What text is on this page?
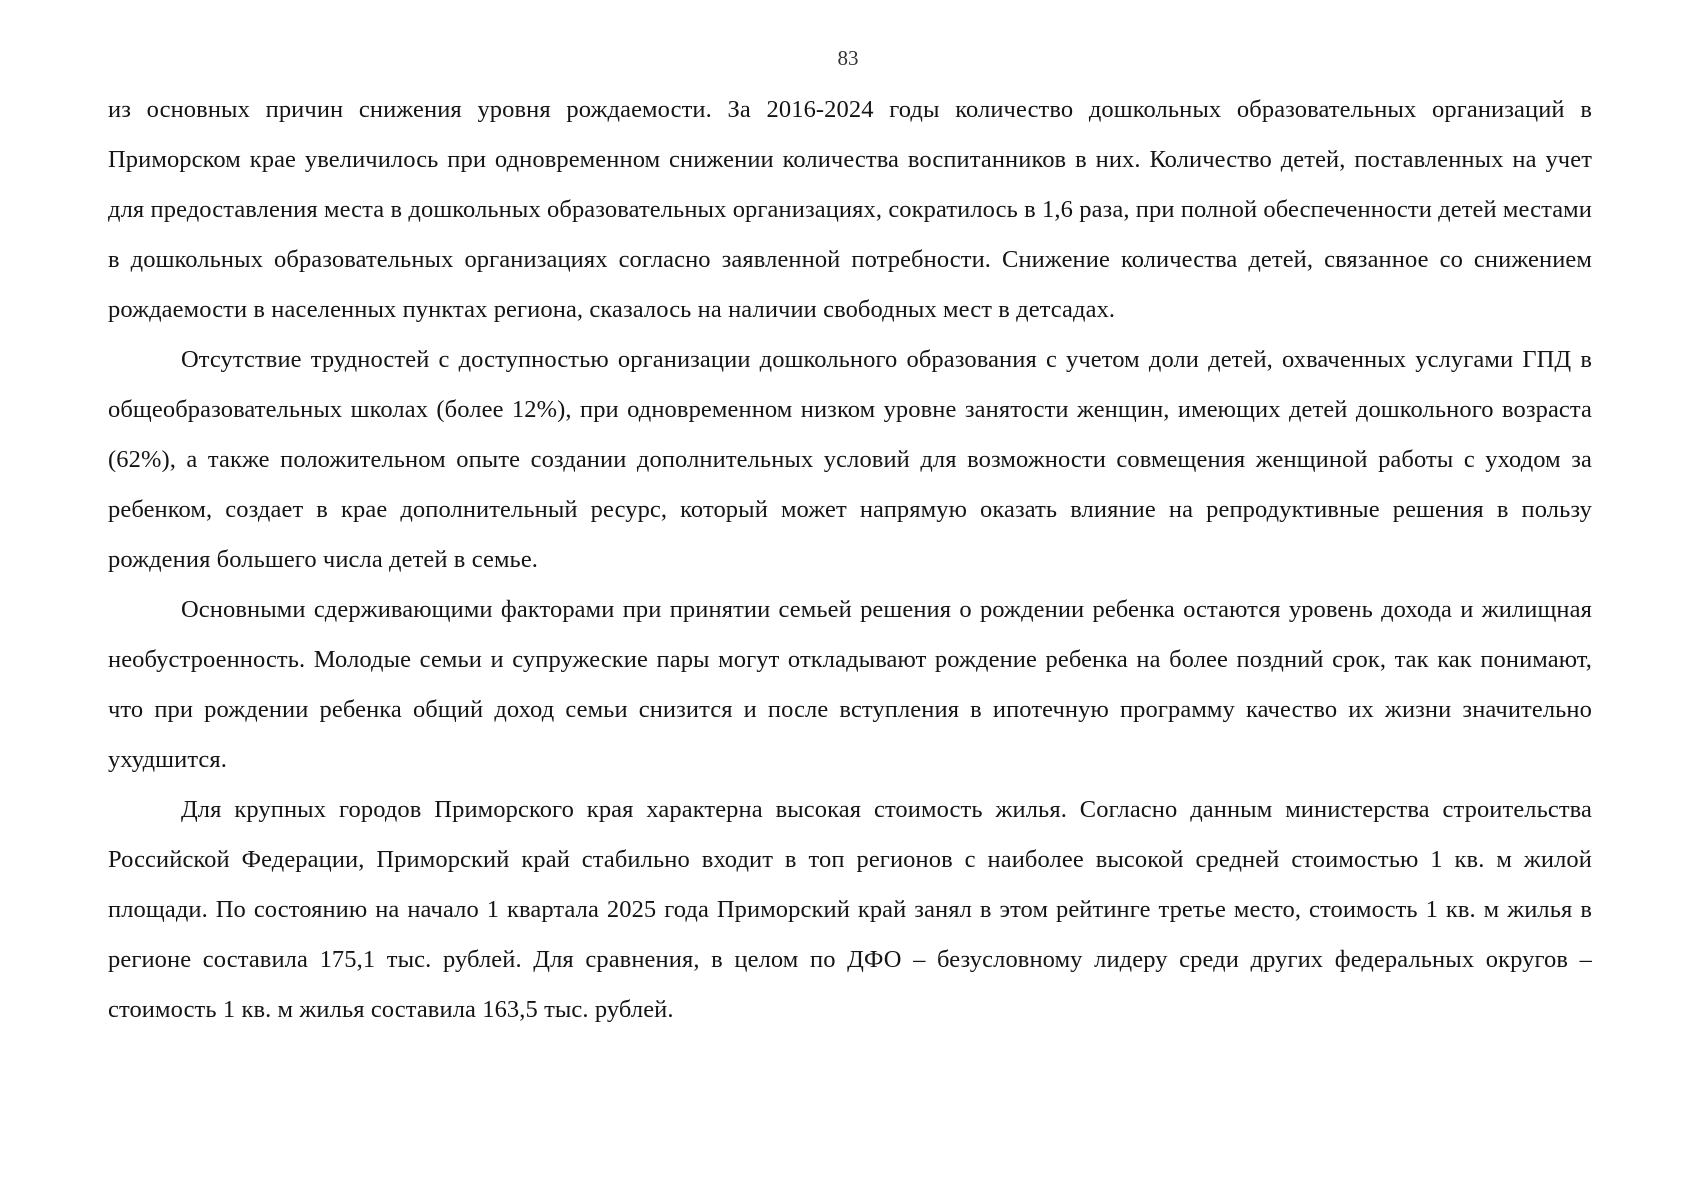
83

из основных причин снижения уровня рождаемости. За 2016-2024 годы количество дошкольных образовательных организаций в Приморском крае увеличилось при одновременном снижении количества воспитанников в них. Количество детей, поставленных на учет для предоставления места в дошкольных образовательных организациях, сократилось в 1,6 раза, при полной обеспеченности детей местами в дошкольных образовательных организациях согласно заявленной потребности. Снижение количества детей, связанное со снижением рождаемости в населенных пунктах региона, сказалось на наличии свободных мест в детсадах.

Отсутствие трудностей с доступностью организации дошкольного образования с учетом доли детей, охваченных услугами ГПД в общеобразовательных школах (более 12%), при одновременном низком уровне занятости женщин, имеющих детей дошкольного возраста (62%), а также положительном опыте создании дополнительных условий для возможности совмещения женщиной работы с уходом за ребенком, создает в крае дополнительный ресурс, который может напрямую оказать влияние на репродуктивные решения в пользу рождения большего числа детей в семье.

Основными сдерживающими факторами при принятии семьей решения о рождении ребенка остаются уровень дохода и жилищная необустроенность. Молодые семьи и супружеские пары могут откладывают рождение ребенка на более поздний срок, так как понимают, что при рождении ребенка общий доход семьи снизится и после вступления в ипотечную программу качество их жизни значительно ухудшится.

Для крупных городов Приморского края характерна высокая стоимость жилья. Согласно данным министерства строительства Российской Федерации, Приморский край стабильно входит в топ регионов с наиболее высокой средней стоимостью 1 кв. м жилой площади. По состоянию на начало 1 квартала 2025 года Приморский край занял в этом рейтинге третье место, стоимость 1 кв. м жилья в регионе составила 175,1 тыс. рублей. Для сравнения, в целом по ДФО – безусловному лидеру среди других федеральных округов – стоимость 1 кв. м жилья составила 163,5 тыс. рублей.
